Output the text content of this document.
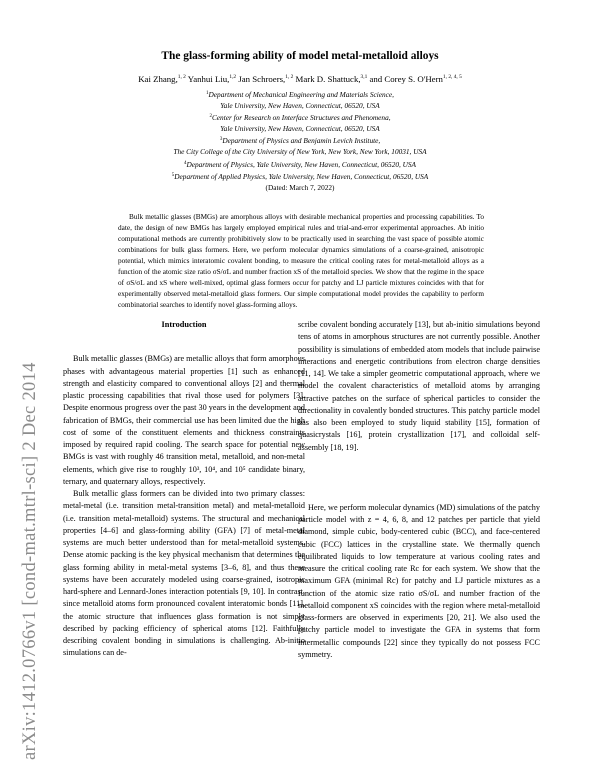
arXiv:1412.0766v1 [cond-mat.mtrl-sci] 2 Dec 2014
The glass-forming ability of model metal-metalloid alloys
Kai Zhang,$^{1, 2}$ Yanhui Liu,$^{1,2}$ Jan Schroers,$^{1, 2}$ Mark D. Shattuck,$^{3,1}$ and Corey S. O'Hern$^{1, 2, 4, 5}$
$^1$Department of Mechanical Engineering and Materials Science,
Yale University, New Haven, Connecticut, 06520, USA
$^2$Center for Research on Interface Structures and Phenomena,
Yale University, New Haven, Connecticut, 06520, USA
$^3$Department of Physics and Benjamin Levich Institute,
The City College of the City University of New York, New York, New York, 10031, USA
$^4$Department of Physics, Yale University, New Haven, Connecticut, 06520, USA
$^5$Department of Applied Physics, Yale University, New Haven, Connecticut, 06520, USA
(Dated: March 7, 2022)
Bulk metallic glasses (BMGs) are amorphous alloys with desirable mechanical properties and processing capabilities. To date, the design of new BMGs has largely employed empirical rules and trial-and-error experimental approaches. Ab initio computational methods are currently prohibitively slow to be practically used in searching the vast space of possible atomic combinations for bulk glass formers. Here, we perform molecular dynamics simulations of a coarse-grained, anisotropic potential, which mimics interatomic covalent bonding, to measure the critical cooling rates for metal-metalloid alloys as a function of the atomic size ratio σS/σL and number fraction xS of the metalloid species. We show that the regime in the space of σS/σL and xS where well-mixed, optimal glass formers occur for patchy and LJ particle mixtures coincides with that for experimentally observed metal-metalloid glass formers. Our simple computational model provides the capability to perform combinatorial searches to identify novel glass-forming alloys.
Introduction

Bulk metallic glasses (BMGs) are metallic alloys that form amorphous phases with advantageous material properties [1] such as enhanced strength and elasticity compared to conventional alloys [2] and thermal plastic processing capabilities that rival those used for polymers [3]. Despite enormous progress over the past 30 years in the development and fabrication of BMGs, their commercial use has been limited due the high cost of some of the constituent elements and thickness constraints imposed by required rapid cooling. The search space for potential new BMGs is vast with roughly 46 transition metal, metalloid, and non-metal elements, which give rise to roughly 10³, 10⁴, and 10⁵ candidate binary, ternary, and quaternary alloys, respectively.

Bulk metallic glass formers can be divided into two primary classes: metal-metal (i.e. transition metal-transition metal) and metal-metalloid (i.e. transition metal-metalloid) systems. The structural and mechanical properties [4–6] and glass-forming ability (GFA) [7] of metal-metal systems are much better understood than for metal-metalloid systems. Dense atomic packing is the key physical mechanism that determines the glass forming ability in metal-metal systems [3–6, 8], and thus these systems have been accurately modeled using coarse-grained, isotropic hard-sphere and Lennard-Jones interaction potentials [9, 10]. In contrast, since metalloid atoms form pronounced covalent interatomic bonds [11], the atomic structure that influences glass formation is not simply described by packing efficiency of spherical atoms [12]. Faithfully describing covalent bonding in simulations is challenging. Ab-initio simulations can de-

scribe covalent bonding accurately [13], but ab-initio simulations beyond tens of atoms in amorphous structures are not currently possible. Another possibility is simulations of embedded atom models that include pairwise interactions and energetic contributions from electron charge densities [11, 14]. We take a simpler geometric computational approach, where we model the covalent characteristics of metalloid atoms by arranging attractive patches on the surface of spherical particles to consider the directionality in covalently bonded structures. This patchy particle model has also been employed to study liquid stability [15], formation of quasicrystals [16], protein crystallization [17], and colloidal self-assembly [18, 19].

Here, we perform molecular dynamics (MD) simulations of the patchy particle model with z = 4, 6, 8, and 12 patches per particle that yield diamond, simple cubic, body-centered cubic (BCC), and face-centered cubic (FCC) lattices in the crystalline state. We thermally quench equilibrated liquids to low temperature at various cooling rates and measure the critical cooling rate Rc for each system. We show that the maximum GFA (minimal Rc) for patchy and LJ particle mixtures as a function of the atomic size ratio σS/σL and number fraction of the metalloid component xS coincides with the region where metal-metalloid glass-formers are observed in experiments [20, 21]. We also used the patchy particle model to investigate the GFA in systems that form intermetallic compounds [22] since they typically do not possess FCC symmetry.
